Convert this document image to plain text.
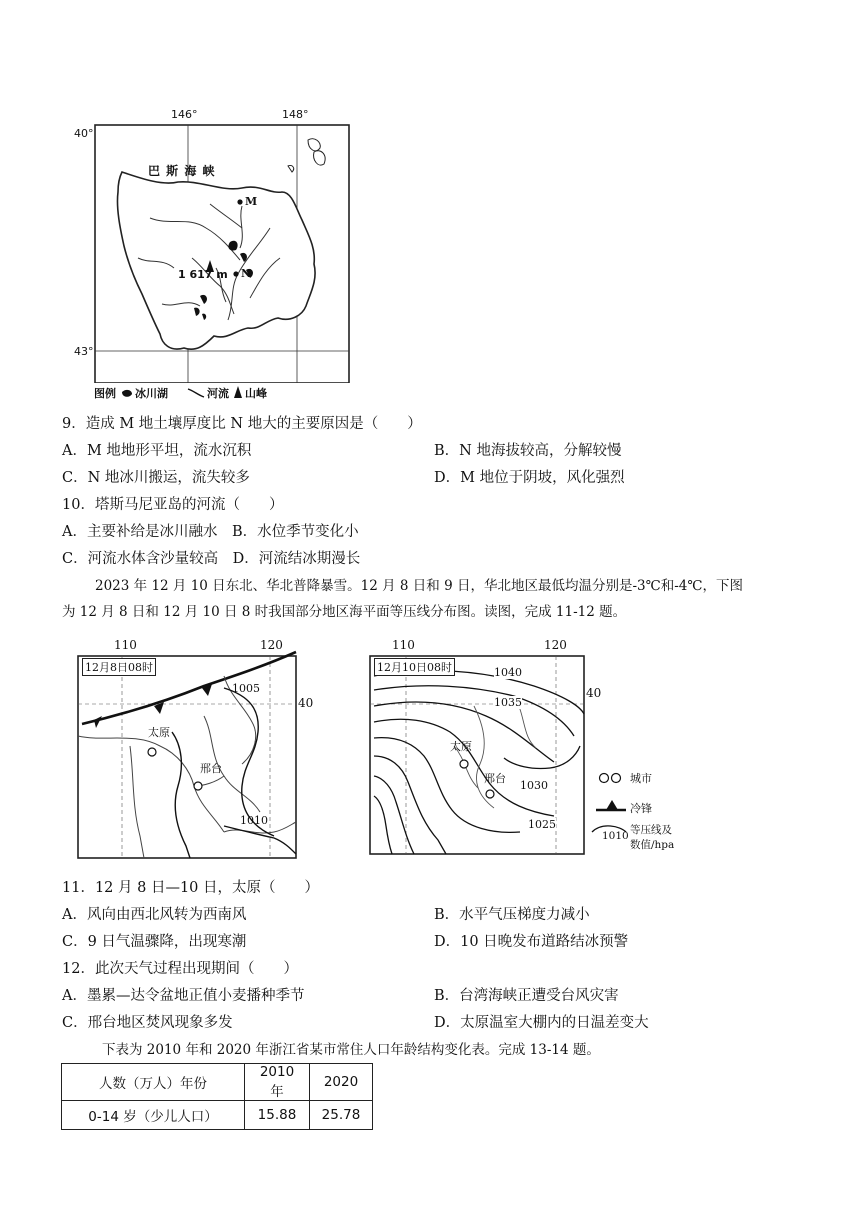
146°	148°
40°
43°
巴 斯 海 峡
M
N
1 617 m
图例 冰川湖	河流 山峰
9．造成 M 地土壤厚度比 N 地大的主要原因是（　　）
A．M 地地形平坦，流水沉积	B．N 地海拔较高，分解较慢
C．N 地冰川搬运，流失较多	D．M 地位于阴坡，风化强烈
10．塔斯马尼亚岛的河流（　　）
A．主要补给是冰川融水　B．水位季节变化小
C．河流水体含沙量较高　D．河流结冰期漫长
2023 年 12 月 10 日东北、华北普降暴雪。12 月 8 日和 9 日，华北地区最低均温分别是-3℃和-4℃，下图
为 12 月 8 日和 12 月 10 日 8 时我国部分地区海平面等压线分布图。读图，完成 11-12 题。
110	120
40
12月8日08时
1005
1010
太原
邢台
110	120
40
12月10日08时	1040
1035
1030
1025
太原
邢台	城市
冷锋
1010 等压线及
数值/hpa
11．12 月 8 日—10 日，太原（　　）
A．风向由西北风转为西南风	B．水平气压梯度力减小
C．9 日气温骤降，出现寒潮	D．10 日晚发布道路结冰预警
12．此次天气过程出现期间（　　）
A．墨累—达令盆地正值小麦播种季节	B．台湾海峡正遭受台风灾害
C．邢台地区焚风现象多发	D．太原温室大棚内的日温差变大
下表为 2010 年和 2020 年浙江省某市常住人口年龄结构变化表。完成 13-14 题。
人数（万人）年份	2010 年	2020
0-14 岁（少儿人口）	15.88	25.78
